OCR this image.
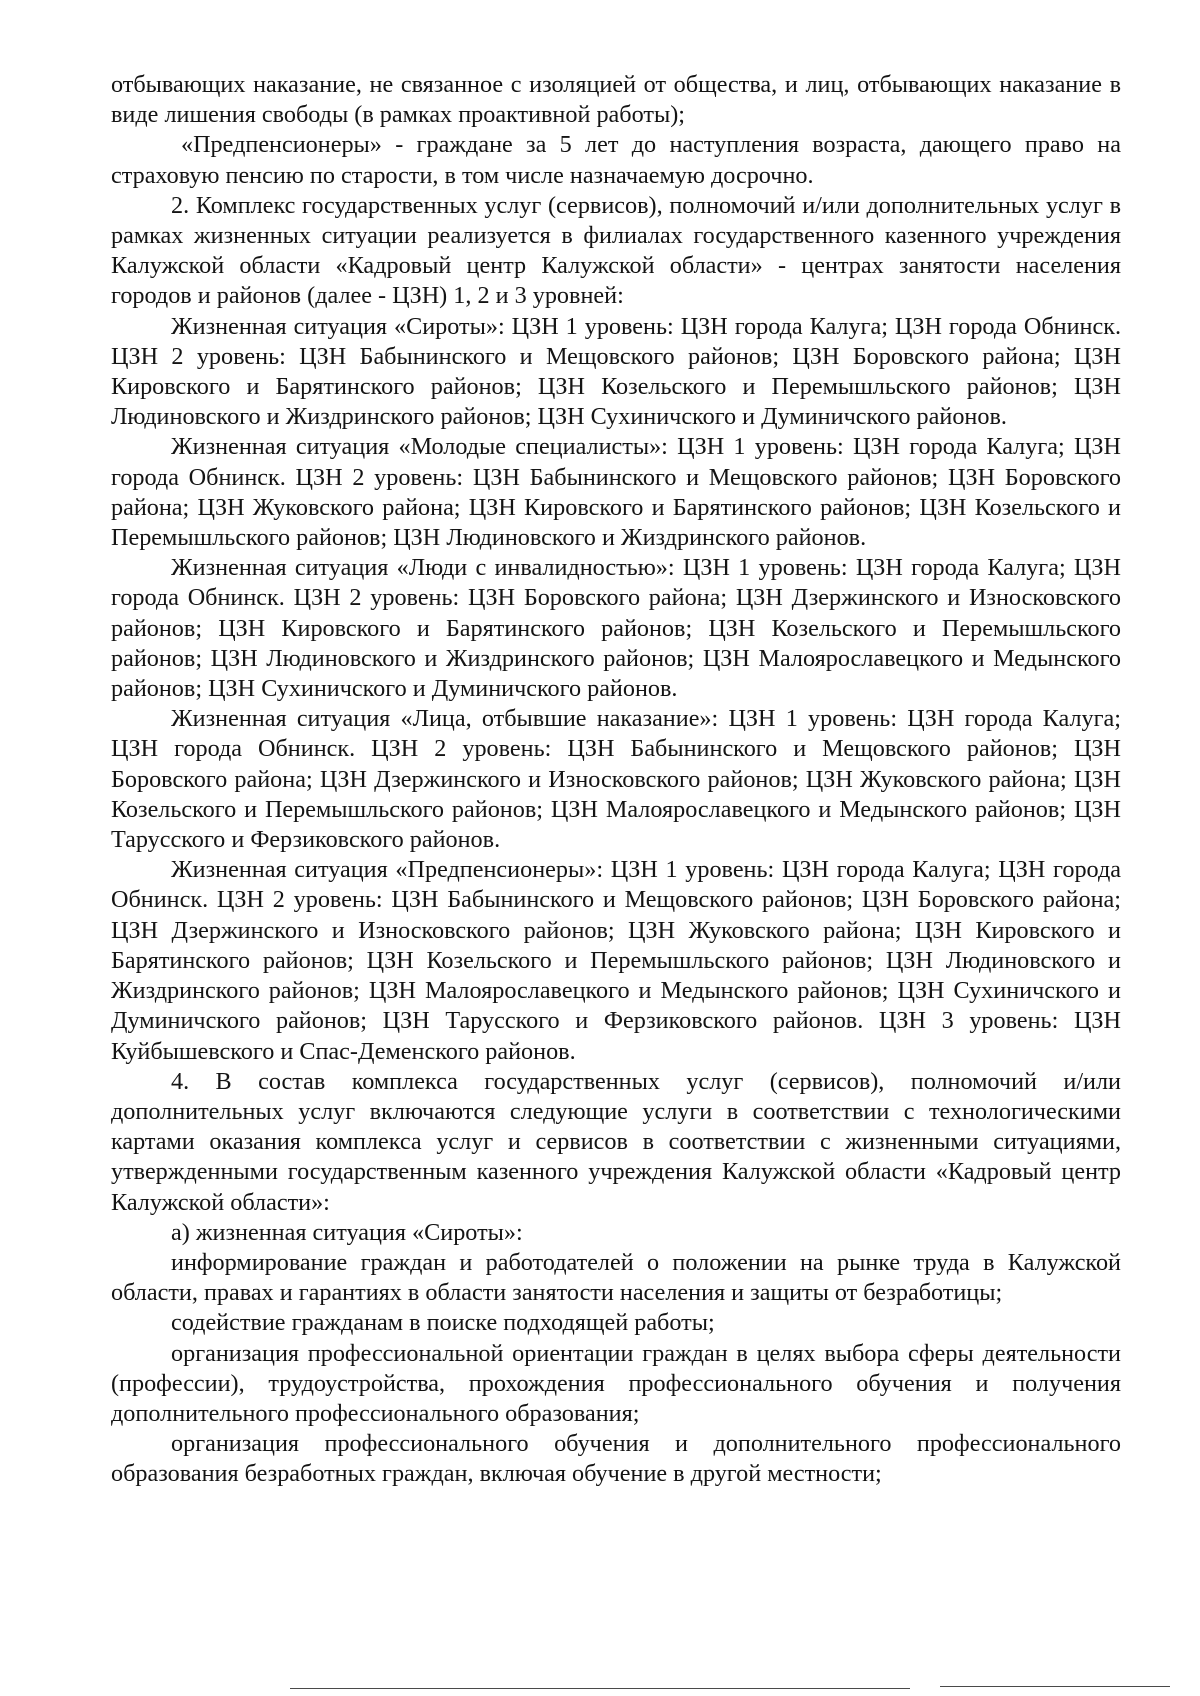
отбывающих наказание, не связанное с изоляцией от общества, и лиц, отбывающих наказание в виде лишения свободы (в рамках проактивной работы);

«Предпенсионеры» - граждане за 5 лет до наступления возраста, дающего право на страховую пенсию по старости, в том числе назначаемую досрочно.

2. Комплекс государственных услуг (сервисов), полномочий и/или дополнительных услуг в рамках жизненных ситуации реализуется в филиалах государственного казенного учреждения Калужской области «Кадровый центр Калужской области» - центрах занятости населения городов и районов (далее - ЦЗН) 1, 2 и 3 уровней:

Жизненная ситуация «Сироты»: ЦЗН 1 уровень: ЦЗН города Калуга; ЦЗН города Обнинск. ЦЗН 2 уровень: ЦЗН Бабынинского и Мещовского районов; ЦЗН Боровского района; ЦЗН Кировского и Барятинского районов; ЦЗН Козельского и Перемышльского районов; ЦЗН Людиновского и Жиздринского районов; ЦЗН Сухиничского и Думиничского районов.

Жизненная ситуация «Молодые специалисты»: ЦЗН 1 уровень: ЦЗН города Калуга; ЦЗН города Обнинск. ЦЗН 2 уровень: ЦЗН Бабынинского и Мещовского районов; ЦЗН Боровского района; ЦЗН Жуковского района; ЦЗН Кировского и Барятинского районов; ЦЗН Козельского и Перемышльского районов; ЦЗН Людиновского и Жиздринского районов.

Жизненная ситуация «Люди с инвалидностью»: ЦЗН 1 уровень: ЦЗН города Калуга; ЦЗН города Обнинск. ЦЗН 2 уровень: ЦЗН Боровского района; ЦЗН Дзержинского и Износковского районов; ЦЗН Кировского и Барятинского районов; ЦЗН Козельского и Перемышльского районов; ЦЗН Людиновского и Жиздринского районов; ЦЗН Малоярославецкого и Медынского районов; ЦЗН Сухиничского и Думиничского районов.

Жизненная ситуация «Лица, отбывшие наказание»: ЦЗН 1 уровень: ЦЗН города Калуга; ЦЗН города Обнинск. ЦЗН 2 уровень: ЦЗН Бабынинского и Мещовского районов; ЦЗН Боровского района; ЦЗН Дзержинского и Износковского районов; ЦЗН Жуковского района; ЦЗН Козельского и Перемышльского районов; ЦЗН Малоярославецкого и Медынского районов; ЦЗН Тарусского и Ферзиковского районов.

Жизненная ситуация «Предпенсионеры»: ЦЗН 1 уровень: ЦЗН города Калуга; ЦЗН города Обнинск. ЦЗН 2 уровень: ЦЗН Бабынинского и Мещовского районов; ЦЗН Боровского района; ЦЗН Дзержинского и Износковского районов; ЦЗН Жуковского района; ЦЗН Кировского и Барятинского районов; ЦЗН Козельского и Перемышльского районов; ЦЗН Людиновского и Жиздринского районов; ЦЗН Малоярославецкого и Медынского районов; ЦЗН Сухиничского и Думиничского районов; ЦЗН Тарусского и Ферзиковского районов. ЦЗН 3 уровень: ЦЗН Куйбышевского и Спас-Деменского районов.

4. В состав комплекса государственных услуг (сервисов), полномочий и/или дополнительных услуг включаются следующие услуги в соответствии с технологическими картами оказания комплекса услуг и сервисов в соответствии с жизненными ситуациями, утвержденными государственным казенного учреждения Калужской области «Кадровый центр Калужской области»:

а) жизненная ситуация «Сироты»:

информирование граждан и работодателей о положении на рынке труда в Калужской области, правах и гарантиях в области занятости населения и защиты от безработицы;

содействие гражданам в поиске подходящей работы;

организация профессиональной ориентации граждан в целях выбора сферы деятельности (профессии), трудоустройства, прохождения профессионального обучения и получения дополнительного профессионального образования;

организация профессионального обучения и дополнительного профессионального образования безработных граждан, включая обучение в другой местности;
